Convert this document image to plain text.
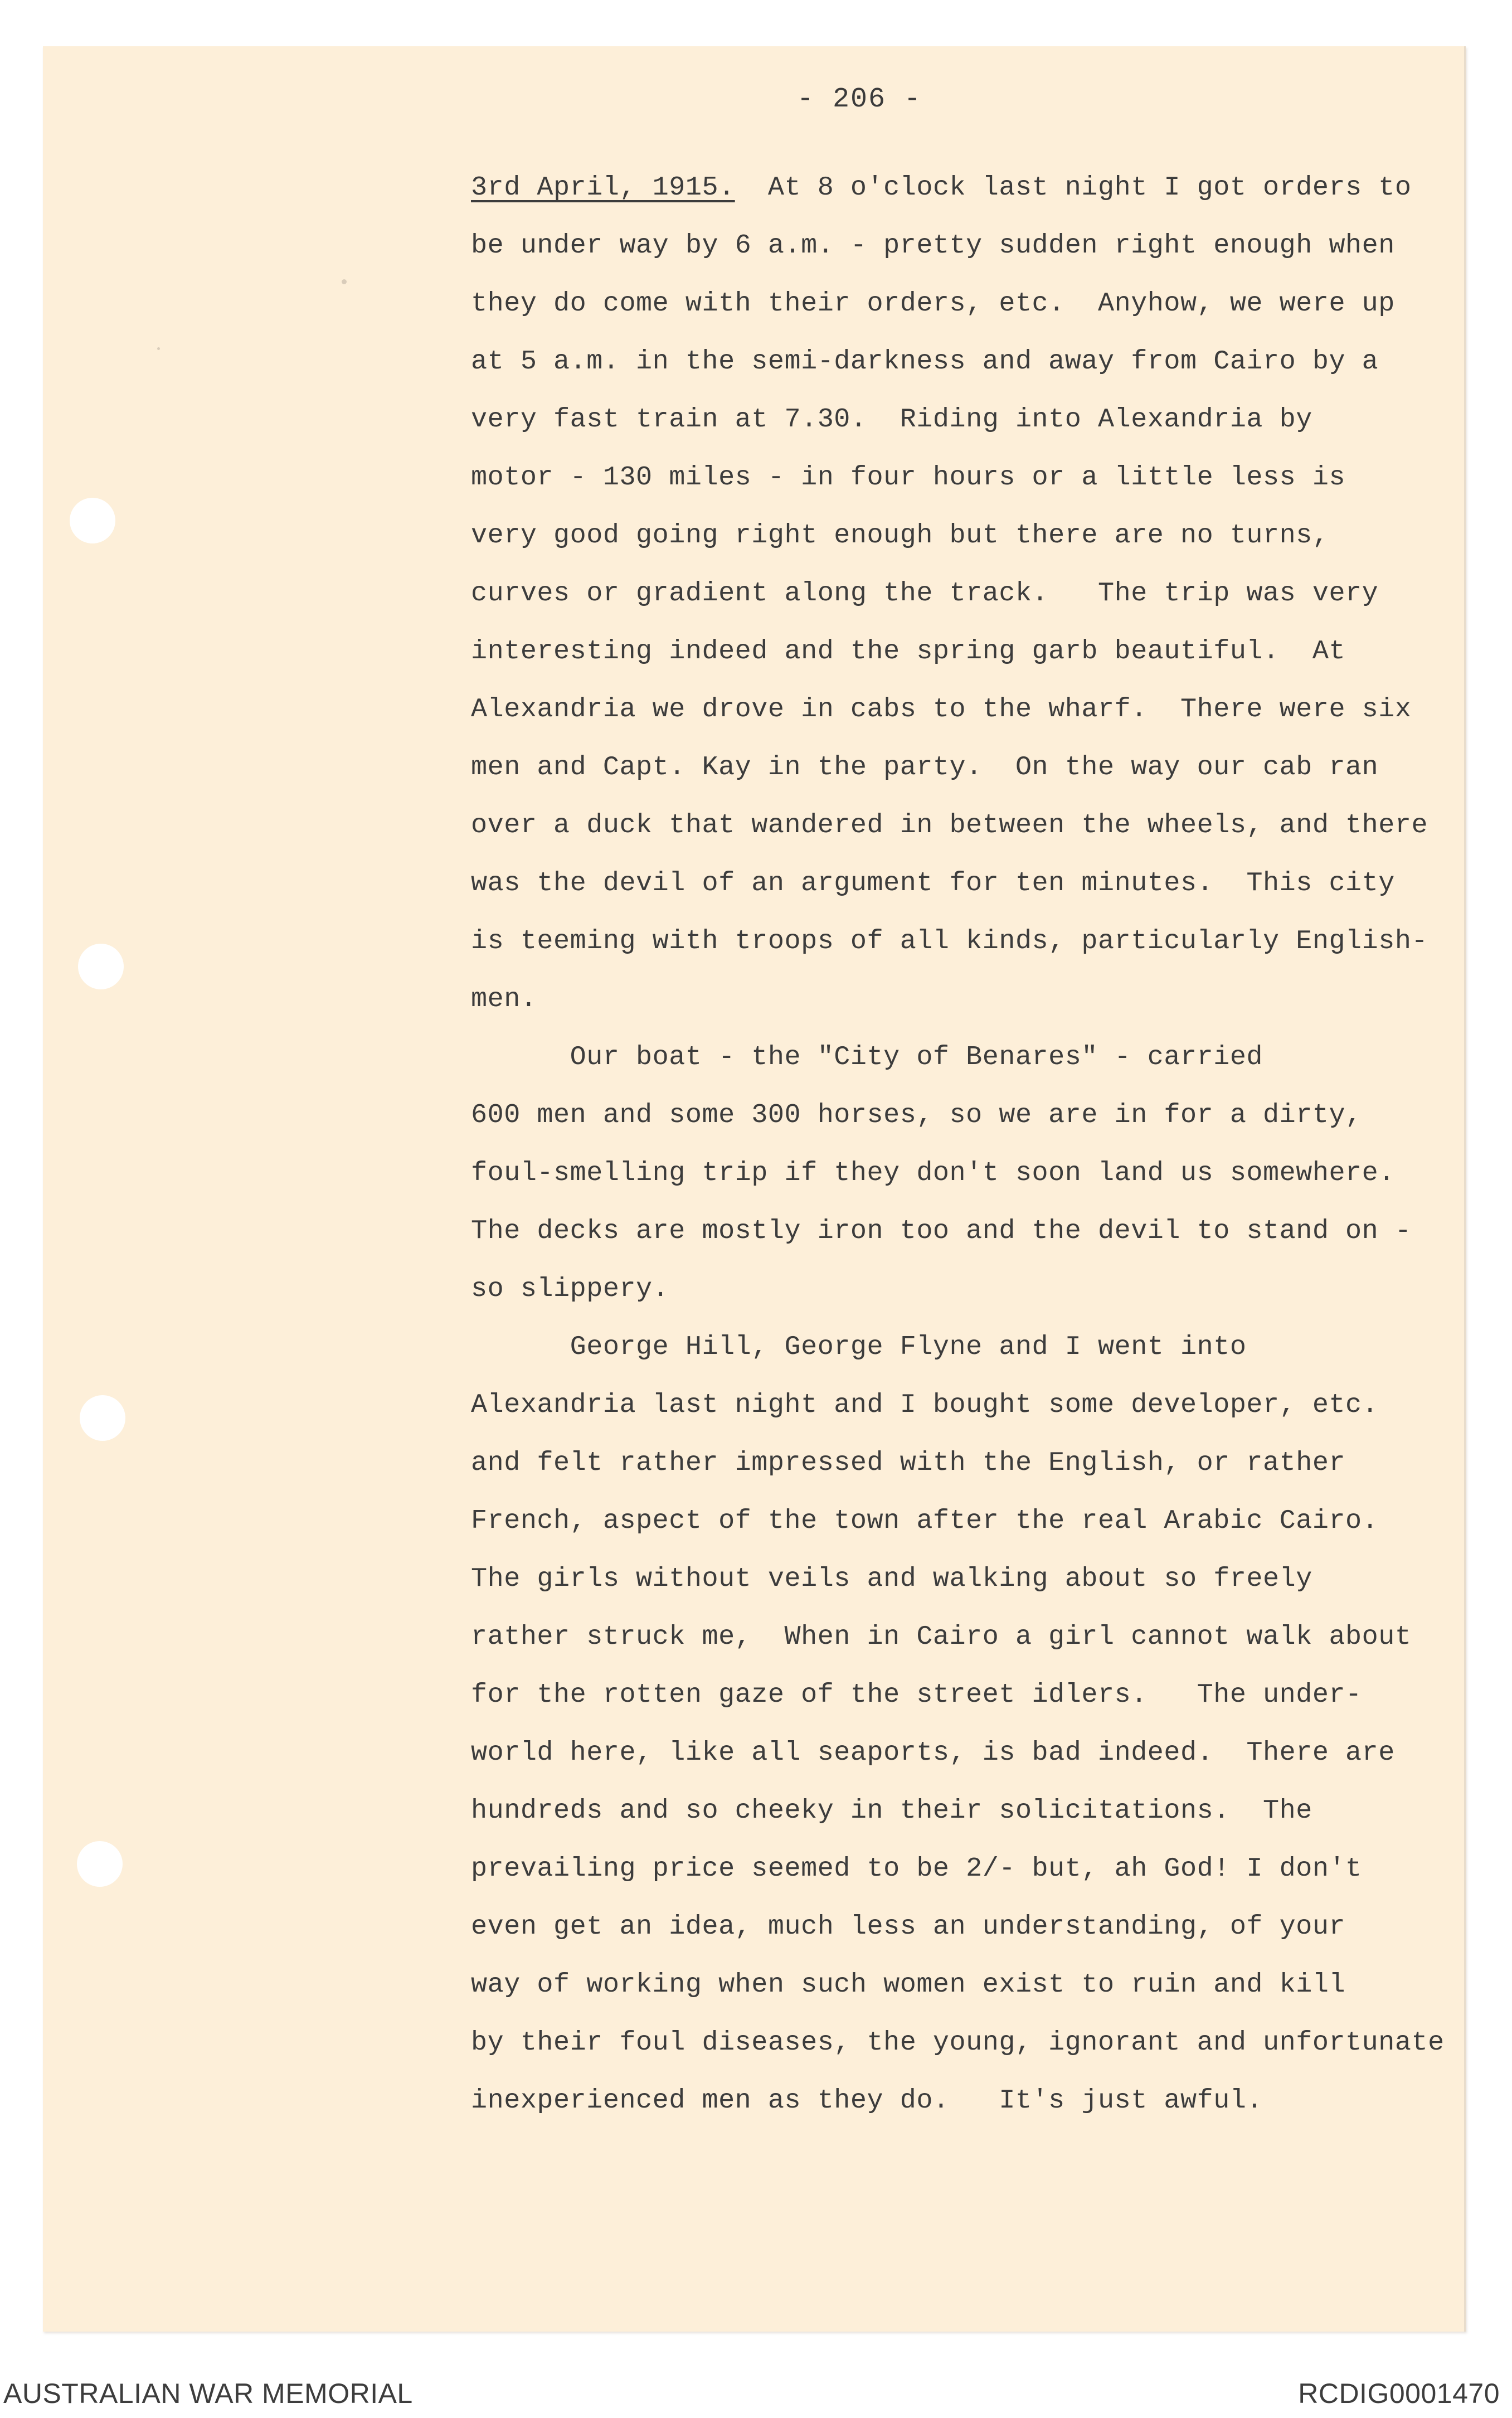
- 206 -
3rd April, 1915. At 8 o'clock last night I got orders to
be under way by 6 a.m. - pretty sudden right enough when
they do come with their orders, etc.  Anyhow, we were up
at 5 a.m. in the semi-darkness and away from Cairo by a
very fast train at 7.30.  Riding into Alexandria by
motor - 130 miles - in four hours or a little less is
very good going right enough but there are no turns,
curves or gradient along the track.   The trip was very
interesting indeed and the spring garb beautiful.  At
Alexandria we drove in cabs to the wharf.  There were six
men and Capt. Kay in the party.  On the way our cab ran
over a duck that wandered in between the wheels, and there
was the devil of an argument for ten minutes.  This city
is teeming with troops of all kinds, particularly English-
men.
Our boat - the "City of Benares" - carried
600 men and some 300 horses, so we are in for a dirty,
foul-smelling trip if they don't soon land us somewhere.
The decks are mostly iron too and the devil to stand on -
so slippery.
George Hill, George Flyne and I went into
Alexandria last night and I bought some developer, etc.
and felt rather impressed with the English, or rather
French, aspect of the town after the real Arabic Cairo.
The girls without veils and walking about so freely
rather struck me,  When in Cairo a girl cannot walk about
for the rotten gaze of the street idlers.   The under-
world here, like all seaports, is bad indeed.  There are
hundreds and so cheeky in their solicitations.  The
prevailing price seemed to be 2/- but, ah God! I don't
even get an idea, much less an understanding, of your
way of working when such women exist to ruin and kill
by their foul diseases, the young, ignorant and unfortunate
inexperienced men as they do.   It's just awful.
AUSTRALIAN WAR MEMORIAL	RCDIG0001470
